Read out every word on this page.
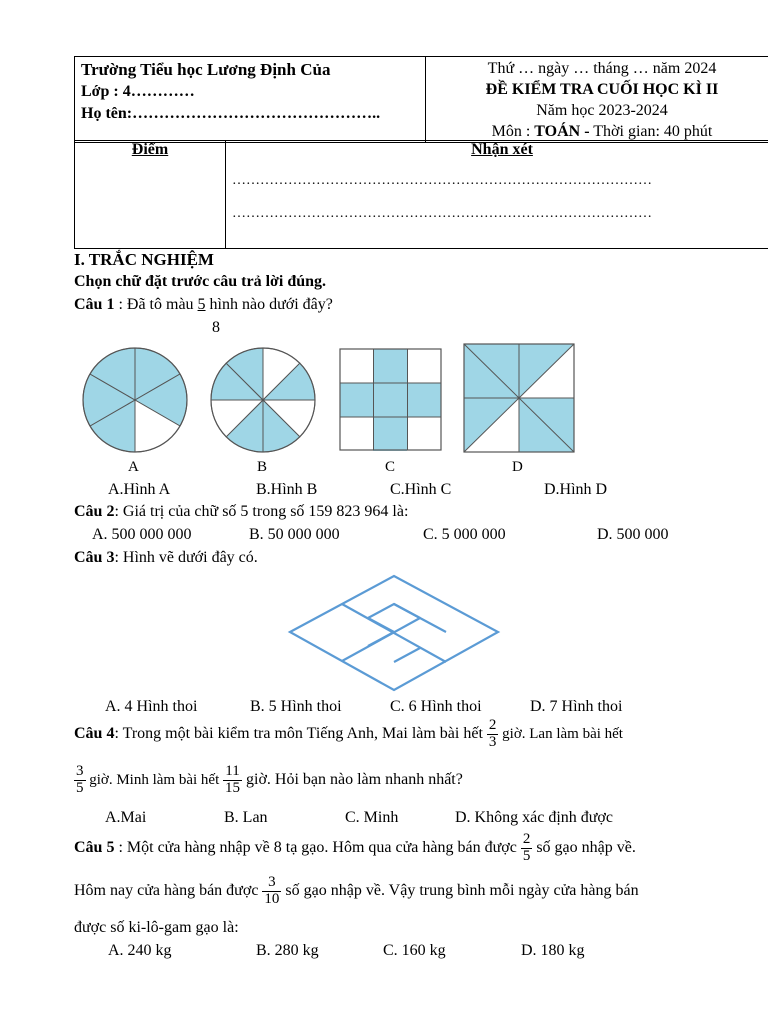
Trường Tiểu học Lương Định Của
Lớp : 4…………
Họ tên:………………………………………..

Thứ … ngày … tháng … năm 2024
ĐỀ KIỂM TRA CUỐI HỌC KÌ II
Năm học 2023-2024
Môn : TOÁN - Thời gian: 40 phút
Điểm	Nhận xét
………………………………………………………………………………
………………………………………………………………………………
I. TRẮC NGHIỆM
Chọn chữ đặt trước câu trả lời đúng.
Câu 1 : Đã tô màu 5 hình nào dưới đây?
8
A	B	C	D
A.Hình A	B.Hình B	C.Hình C	D.Hình D
Câu 2: Giá trị của chữ số 5 trong số 159 823 964 là:
A. 500 000 000	B. 50 000 000	C. 5 000 000	D. 500 000
Câu 3: Hình vẽ dưới đây có.
A. 4 Hình thoi	B. 5 Hình thoi	C. 6 Hình thoi	D. 7 Hình thoi
Câu 4: Trong một bài kiểm tra môn Tiếng Anh, Mai làm bài hết $\frac{2}{3}$ giờ. Lan làm bài hết
$\frac{3}{5}$ giờ. Minh làm bài hết $\frac{11}{15}$ giờ. Hỏi bạn nào làm nhanh nhất?
A.Mai	B. Lan	C. Minh	D. Không xác định được
Câu 5 : Một cửa hàng nhập về 8 tạ gạo. Hôm qua cửa hàng bán được $\frac{2}{5}$ số gạo nhập về.
Hôm nay cửa hàng bán được $\frac{3}{10}$ số gạo nhập về. Vậy trung bình mỗi ngày cửa hàng bán
được số ki-lô-gam gạo là:
A. 240 kg	B. 280 kg	C. 160 kg	D. 180 kg
